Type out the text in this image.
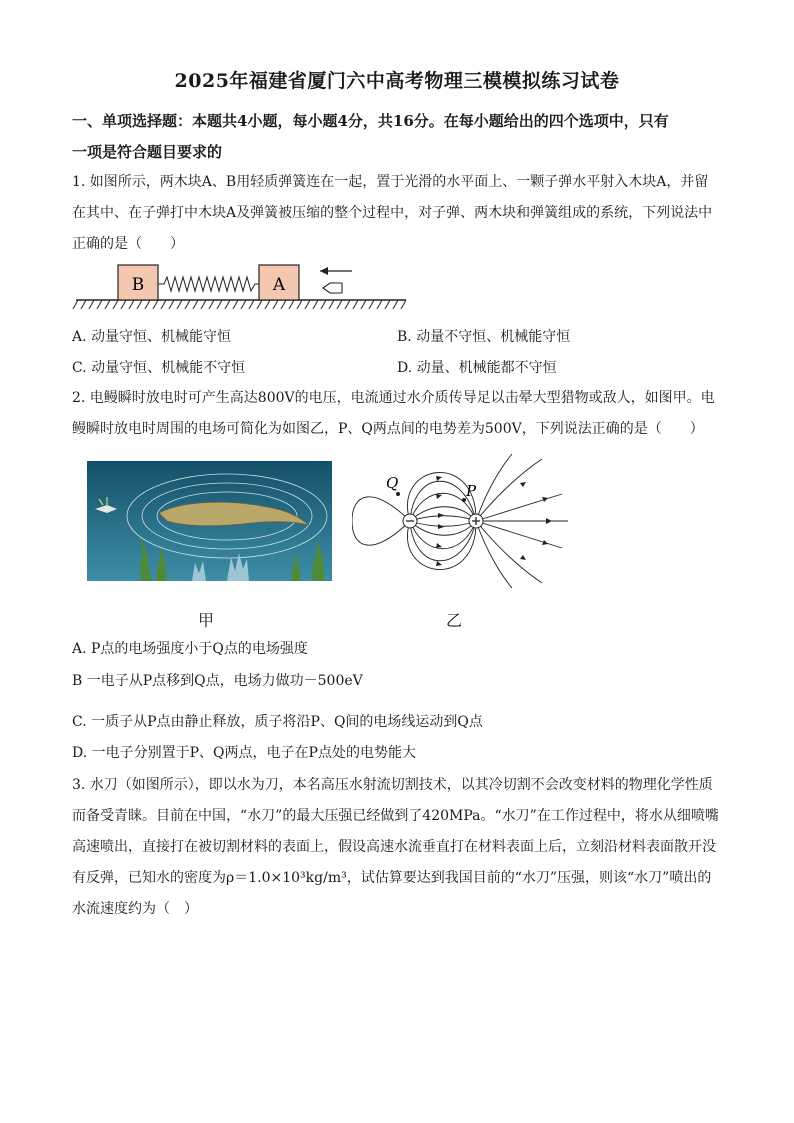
2025年福建省厦门六中高考物理三模模拟练习试卷
一、单项选择题：本题共4小题，每小题4分，共16分。在每小题给出的四个选项中，只有
一项是符合题目要求的
1. 如图所示，两木块A、B用轻质弹簧连在一起，置于光滑的水平面上、一颗子弹水平射入木块A，并留
在其中、在子弹打中木块A及弹簧被压缩的整个过程中，对子弹、两木块和弹簧组成的系统，下列说法中
正确的是（　　）
B	A
A. 动量守恒、机械能守恒	B. 动量不守恒、机械能守恒
C. 动量守恒、机械能不守恒	D. 动量、机械能都不守恒
2. 电鳗瞬时放电时可产生高达800V的电压，电流通过水介质传导足以击晕大型猎物或敌人，如图甲。电
鳗瞬时放电时周围的电场可简化为如图乙，P、Q两点间的电势差为500V，下列说法正确的是（　　）
Q	P
甲	乙
A. P点的电场强度小于Q点的电场强度
B 一电子从P点移到Q点，电场力做功－500eV
C. 一质子从P点由静止释放，质子将沿P、Q间的电场线运动到Q点
D. 一电子分别置于P、Q两点，电子在P点处的电势能大
3. 水刀（如图所示），即以水为刀，本名高压水射流切割技术，以其冷切割不会改变材料的物理化学性质
而备受青睐。目前在中国，“水刀”的最大压强已经做到了420MPa。“水刀”在工作过程中，将水从细喷嘴
高速喷出，直接打在被切割材料的表面上，假设高速水流垂直打在材料表面上后，立刻沿材料表面散开没
有反弹，已知水的密度为ρ＝1.0×10³kg/m³，试估算要达到我国目前的“水刀”压强，则该“水刀”喷出的
水流速度约为（　）
